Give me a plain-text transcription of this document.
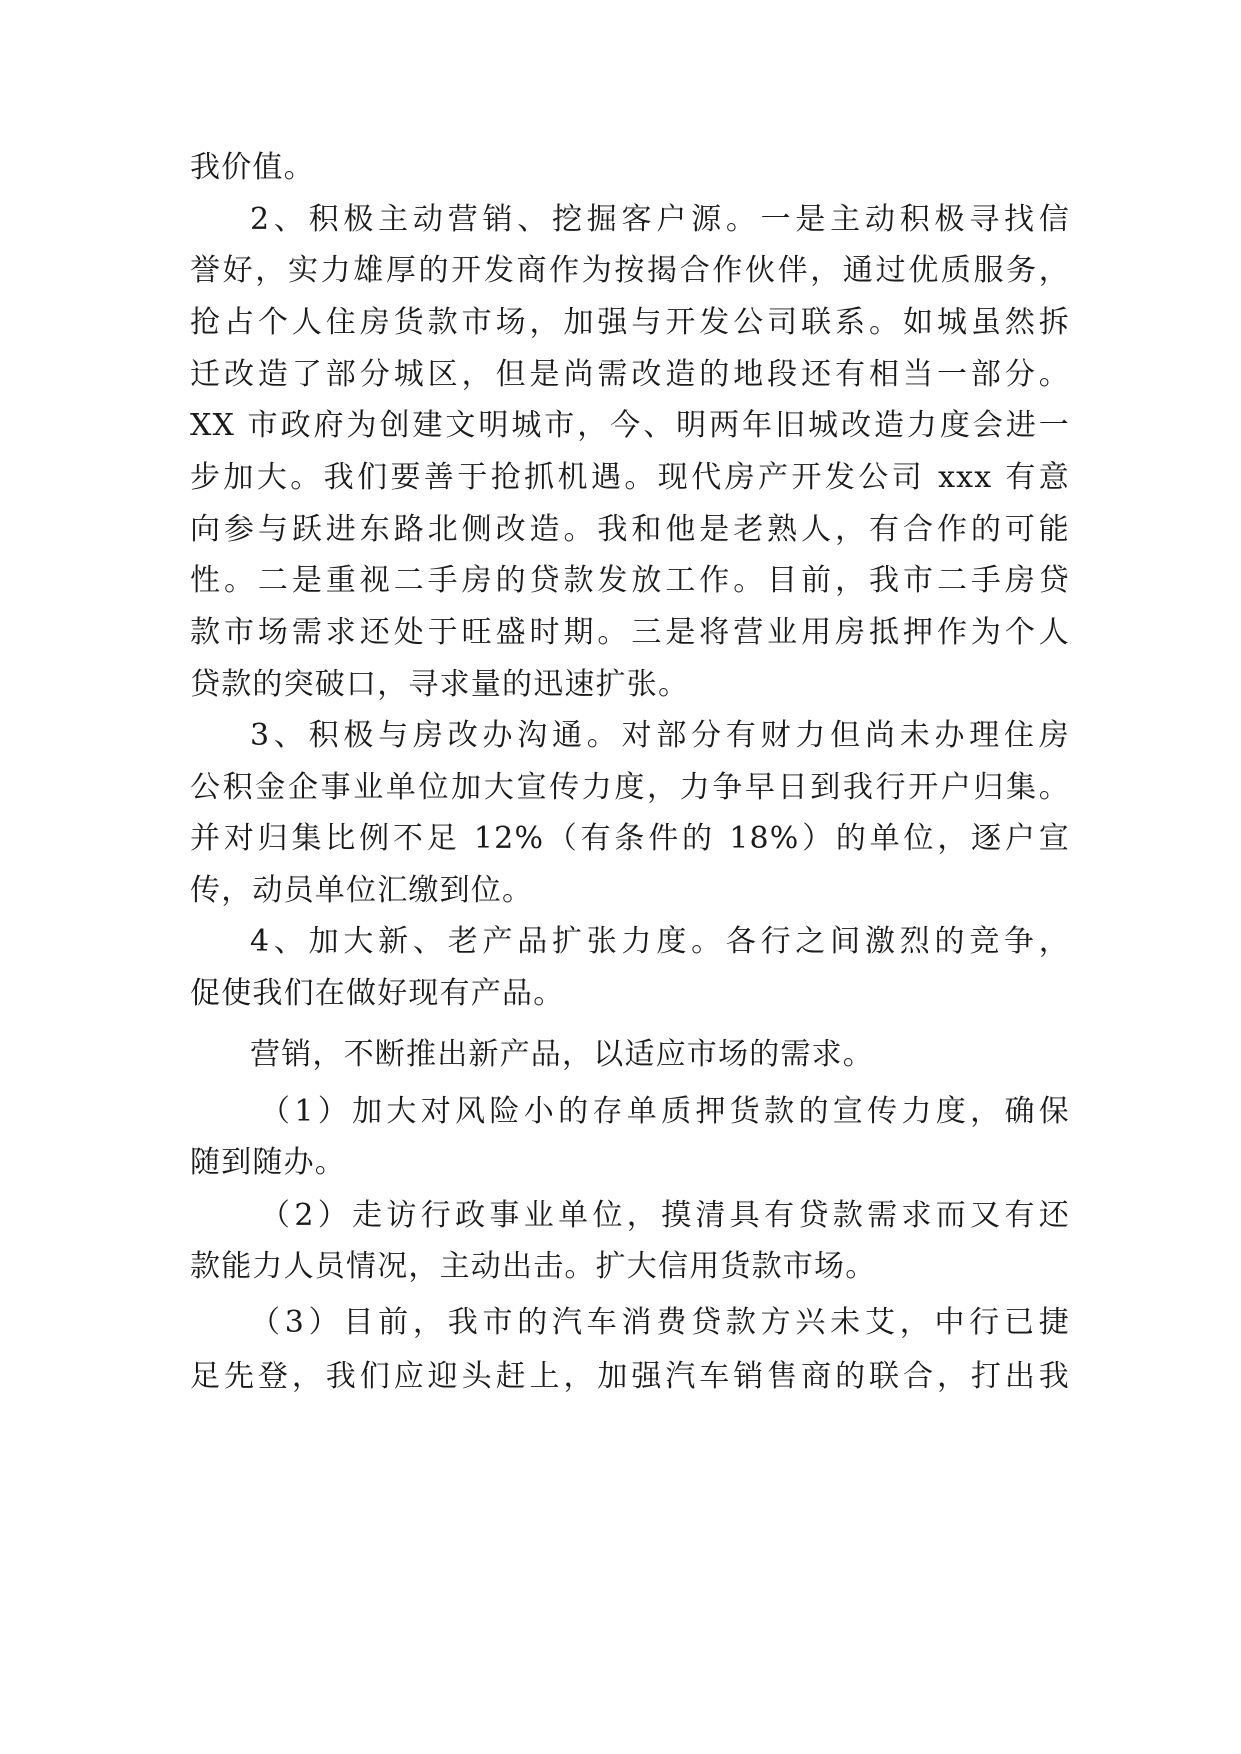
我价值。
2、积极主动营销、挖掘客户源。一是主动积极寻找信
誉好，实力雄厚的开发商作为按揭合作伙伴，通过优质服务，
抢占个人住房货款市场，加强与开发公司联系。如城虽然拆
迁改造了部分城区，但是尚需改造的地段还有相当一部分。
XX 市政府为创建文明城市，今、明两年旧城改造力度会进一
步加大。我们要善于抢抓机遇。现代房产开发公司 xxx 有意
向参与跃进东路北侧改造。我和他是老熟人，有合作的可能
性。二是重视二手房的贷款发放工作。目前，我市二手房贷
款市场需求还处于旺盛时期。三是将营业用房抵押作为个人
贷款的突破口，寻求量的迅速扩张。
3、积极与房改办沟通。对部分有财力但尚未办理住房
公积金企事业单位加大宣传力度，力争早日到我行开户归集。
并对归集比例不足 12%（有条件的 18%）的单位，逐户宣
传，动员单位汇缴到位。
4、加大新、老产品扩张力度。各行之间激烈的竞争，
促使我们在做好现有产品。
营销，不断推出新产品，以适应市场的需求。
（1）加大对风险小的存单质押货款的宣传力度，确保
随到随办。
（2）走访行政事业单位，摸清具有贷款需求而又有还
款能力人员情况，主动出击。扩大信用货款市场。
（3）目前，我市的汽车消费贷款方兴未艾，中行已捷
足先登，我们应迎头赶上，加强汽车销售商的联合，打出我
